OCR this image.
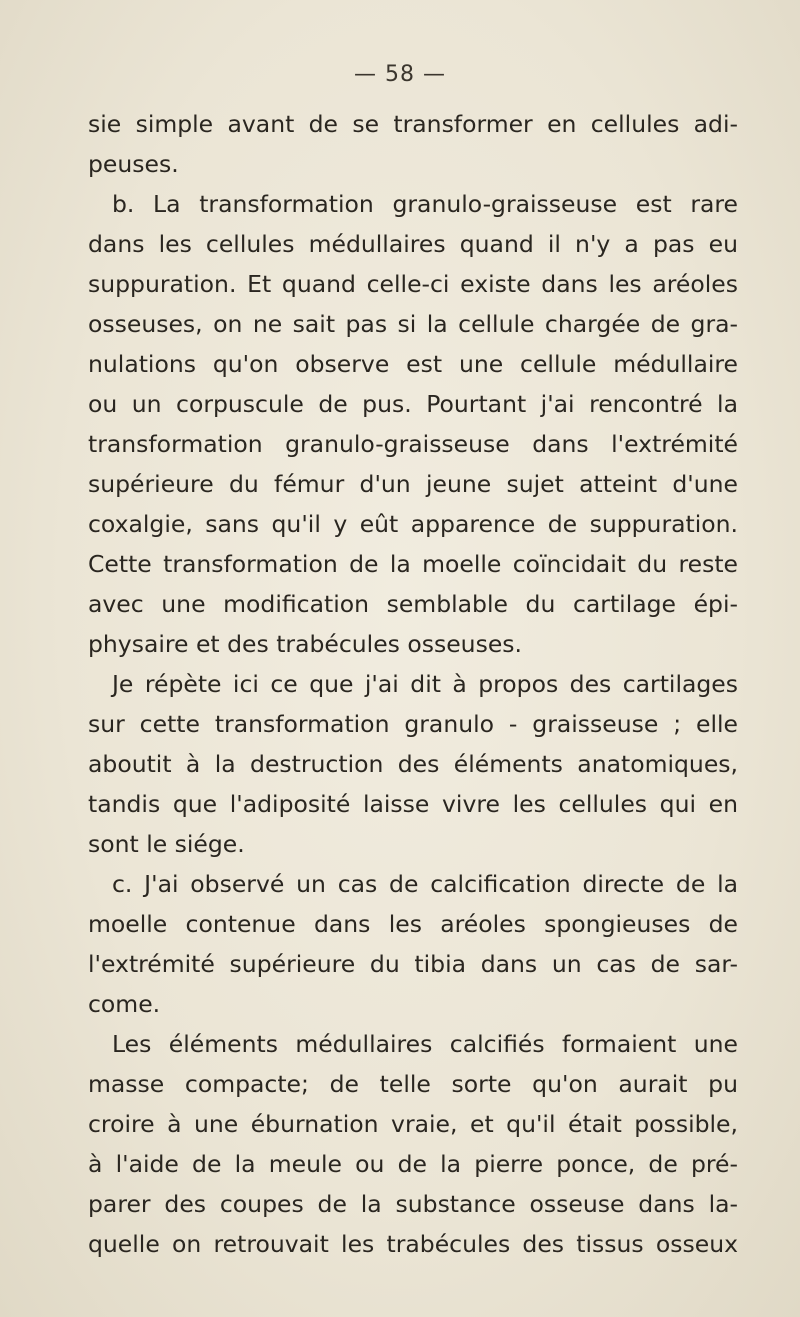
— 58 —
sie simple avant de se transformer en cellules adi-
peuses.
b. La transformation granulo-graisseuse est rare
dans les cellules médullaires quand il n'y a pas eu
suppuration. Et quand celle-ci existe dans les aréoles
osseuses, on ne sait pas si la cellule chargée de gra-
nulations qu'on observe est une cellule médullaire
ou un corpuscule de pus. Pourtant j'ai rencontré la
transformation granulo-graisseuse dans l'extrémité
supérieure du fémur d'un jeune sujet atteint d'une
coxalgie, sans qu'il y eût apparence de suppuration.
Cette transformation de la moelle coïncidait du reste
avec une modification semblable du cartilage épi-
physaire et des trabécules osseuses.
Je répète ici ce que j'ai dit à propos des cartilages
sur cette transformation granulo - graisseuse ; elle
aboutit à la destruction des éléments anatomiques,
tandis que l'adiposité laisse vivre les cellules qui en
sont le siége.
c. J'ai observé un cas de calcification directe de la
moelle contenue dans les aréoles spongieuses de
l'extrémité supérieure du tibia dans un cas de sar-
come.
Les éléments médullaires calcifiés formaient une
masse compacte; de telle sorte qu'on aurait pu
croire à une éburnation vraie, et qu'il était possible,
à l'aide de la meule ou de la pierre ponce, de pré-
parer des coupes de la substance osseuse dans la-
quelle on retrouvait les trabécules des tissus osseux
